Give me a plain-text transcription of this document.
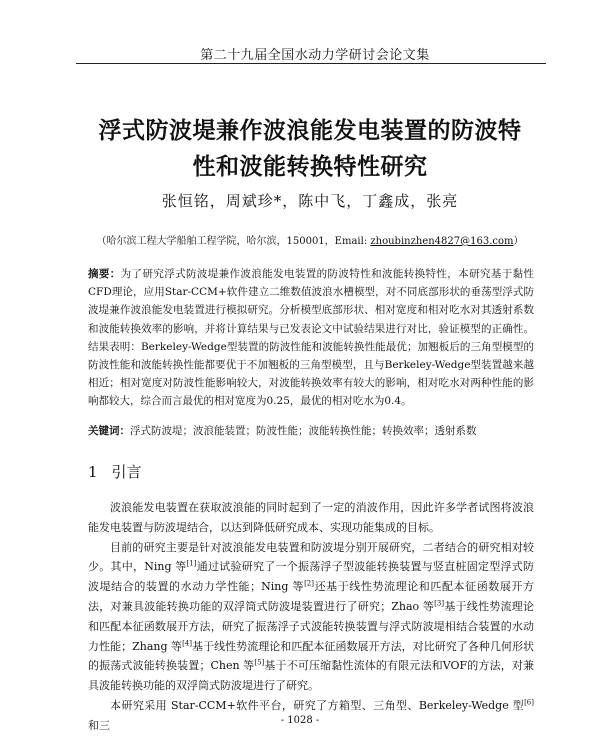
第二十九届全国水动力学研讨会论文集
浮式防波堤兼作波浪能发电装置的防波特
性和波能转换特性研究
张恒铭，周斌珍*，陈中飞，丁鑫成，张亮
（哈尔滨工程大学船舶工程学院，哈尔滨，150001，Email: zhoubinzhen4827@163.com）
摘要：为了研究浮式防波堤兼作波浪能发电装置的防波特性和波能转换特性，本研究基于黏性CFD理论，应用Star-CCM+软件建立二维数值波浪水槽模型，对不同底部形状的垂荡型浮式防波堤兼作波浪能发电装置进行模拟研究。分析模型底部形状、相对宽度和相对吃水对其透射系数和波能转换效率的影响，并将计算结果与已发表论文中试验结果进行对比，验证模型的正确性。结果表明：Berkeley-Wedge型装置的防波性能和波能转换性能最优；加翘板后的三角型模型的防波性能和波能转换性能都要优于不加翘板的三角型模型，且与Berkeley-Wedge型装置越来越相近；相对宽度对防波性能影响较大，对波能转换效率有较大的影响，相对吃水对两种性能的影响都较大，综合而言最优的相对宽度为0.25，最优的相对吃水为0.4。
关键词：浮式防波堤；波浪能装置；防波性能；波能转换性能；转换效率；透射系数
1 引言

波浪能发电装置在获取波浪能的同时起到了一定的消波作用，因此许多学者试图将波浪能发电装置与防波堤结合，以达到降低研究成本、实现功能集成的目标。

目前的研究主要是针对波浪能发电装置和防波堤分别开展研究，二者结合的研究相对较少。其中，Ning 等[1]通过试验研究了一个振荡浮子型波能转换装置与竖直桩固定型浮式防波堤结合的装置的水动力学性能；Ning 等[2]还基于线性势流理论和匹配本征函数展开方法，对兼具波能转换功能的双浮筒式防波堤装置进行了研究；Zhao 等[3]基于线性势流理论和匹配本征函数展开方法，研究了振荡浮子式波能转换装置与浮式防波堤相结合装置的水动力性能；Zhang 等[4]基于线性势流理论和匹配本征函数展开方法，对比研究了各种几何形状的振荡式波能转换装置；Chen 等[5]基于不可压缩黏性流体的有限元法和VOF的方法，对兼具波能转换功能的双浮筒式防波堤进行了研究。

本研究采用 Star-CCM+软件平台，研究了方箱型、三角型、Berkeley-Wedge 型[6]和三	- 1028 -
